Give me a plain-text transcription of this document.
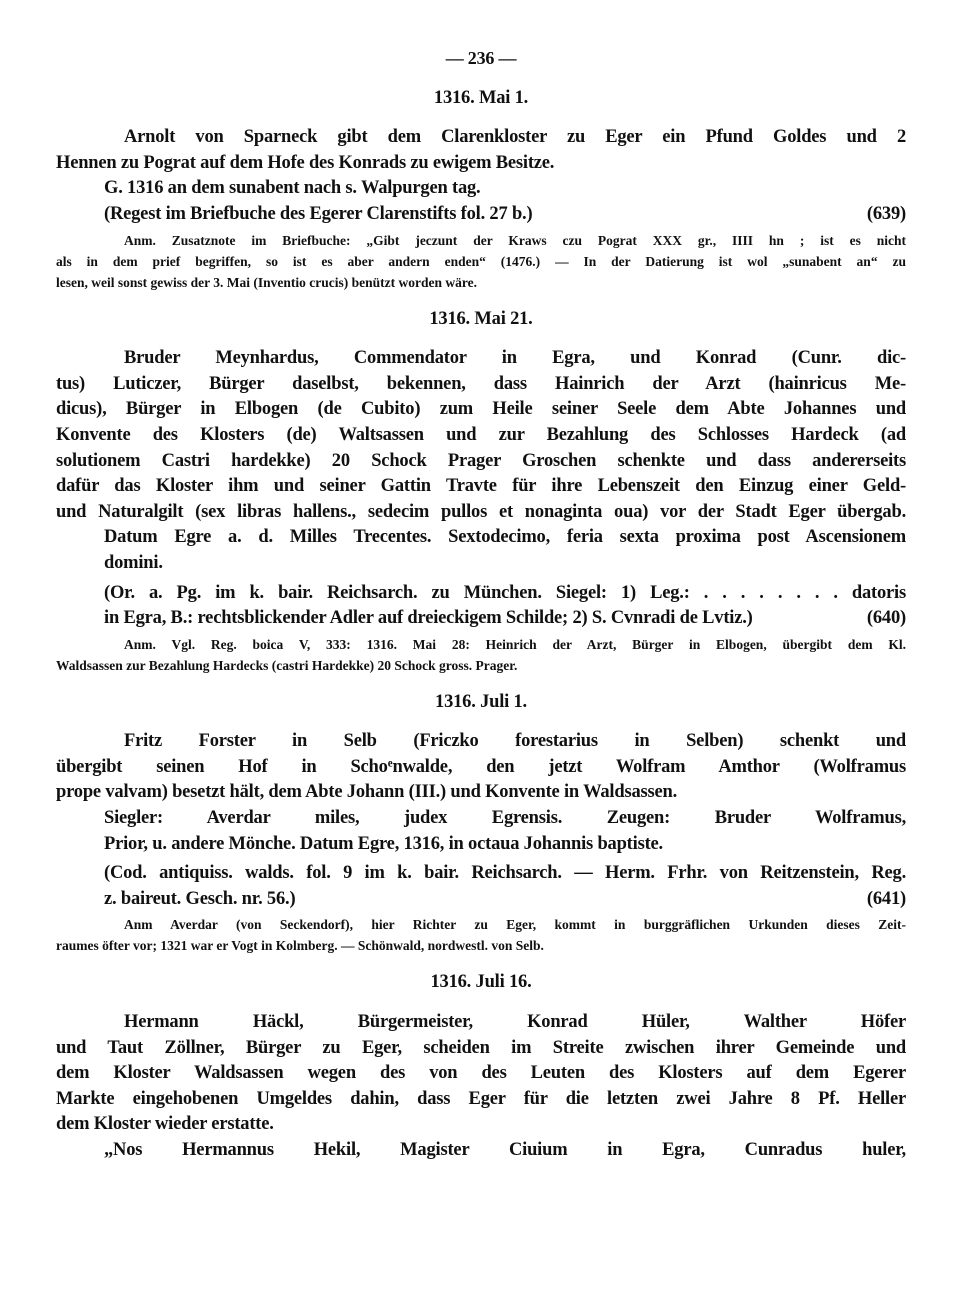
— 236 —
1316. Mai 1.
Arnolt von Sparneck gibt dem Clarenkloster zu Eger ein Pfund Goldes und 2
Hennen zu Pograt auf dem Hofe des Konrads zu ewigem Besitze.
G. 1316 an dem sunabent nach s. Walpurgen tag.
(Regest im Briefbuche des Egerer Clarenstifts fol. 27 b.)	(639)
Anm. Zusatznote im Briefbuche: „Gibt jeczunt der Kraws czu Pograt XXX gr., IIII hn ; ist es nicht
als in dem prief begriffen, so ist es aber andern enden“ (1476.) — In der Datierung ist wol „sunabent an“ zu
lesen, weil sonst gewiss der 3. Mai (Inventio crucis) benützt worden wäre.
1316. Mai 21.
Bruder Meynhardus, Commendator in Egra, und Konrad (Cunr. dic-
tus) Luticzer, Bürger daselbst, bekennen, dass Hainrich der Arzt (hainricus Me-
dicus), Bürger in Elbogen (de Cubito) zum Heile seiner Seele dem Abte Johannes und
Konvente des Klosters (de) Waltsassen und zur Bezahlung des Schlosses Hardeck (ad
solutionem Castri hardekke) 20 Schock Prager Groschen schenkte und dass andererseits
dafür das Kloster ihm und seiner Gattin Travte für ihre Lebenszeit den Einzug einer Geld-
und Naturalgilt (sex libras hallens., sedecim pullos et nonaginta oua) vor der Stadt Eger übergab.
Datum Egre a. d. Milles Trecentes. Sextodecimo, feria sexta proxima post Ascensionem
domini.
(Or. a. Pg. im k. bair. Reichsarch. zu München. Siegel: 1) Leg.: . . . . . . . . datoris
in Egra, B.: rechtsblickender Adler auf dreieckigem Schilde; 2) S. Cvnradi de Lvtiz.)	(640)
Anm. Vgl. Reg. boica V, 333: 1316. Mai 28: Heinrich der Arzt, Bürger in Elbogen, übergibt dem Kl.
Waldsassen zur Bezahlung Hardecks (castri Hardekke) 20 Schock gross. Prager.
1316. Juli 1.
Fritz Forster in Selb (Friczko forestarius in Selben) schenkt und
übergibt seinen Hof in Schoͤnwalde, den jetzt Wolfram Amthor (Wolframus
prope valvam) besetzt hält, dem Abte Johann (III.) und Konvente in Waldsassen.
Siegler: Averdar miles, judex Egrensis. Zeugen: Bruder Wolframus,
Prior, u. andere Mönche. Datum Egre, 1316, in octaua Johannis baptiste.
(Cod. antiquiss. walds. fol. 9 im k. bair. Reichsarch. — Herm. Frhr. von Reitzenstein, Reg.
z. baireut. Gesch. nr. 56.)	(641)
Anm Averdar (von Seckendorf), hier Richter zu Eger, kommt in burggräflichen Urkunden dieses Zeit-
raumes öfter vor; 1321 war er Vogt in Kolmberg. — Schönwald, nordwestl. von Selb.
1316. Juli 16.
Hermann Häckl, Bürgermeister, Konrad Hüler, Walther Höfer
und Taut Zöllner, Bürger zu Eger, scheiden im Streite zwischen ihrer Gemeinde und
dem Kloster Waldsassen wegen des von des Leuten des Klosters auf dem Egerer
Markte eingehobenen Umgeldes dahin, dass Eger für die letzten zwei Jahre 8 Pf. Heller
dem Kloster wieder erstatte.
„Nos Hermannus Hekil, Magister Ciuium in Egra, Cunradus huler,
